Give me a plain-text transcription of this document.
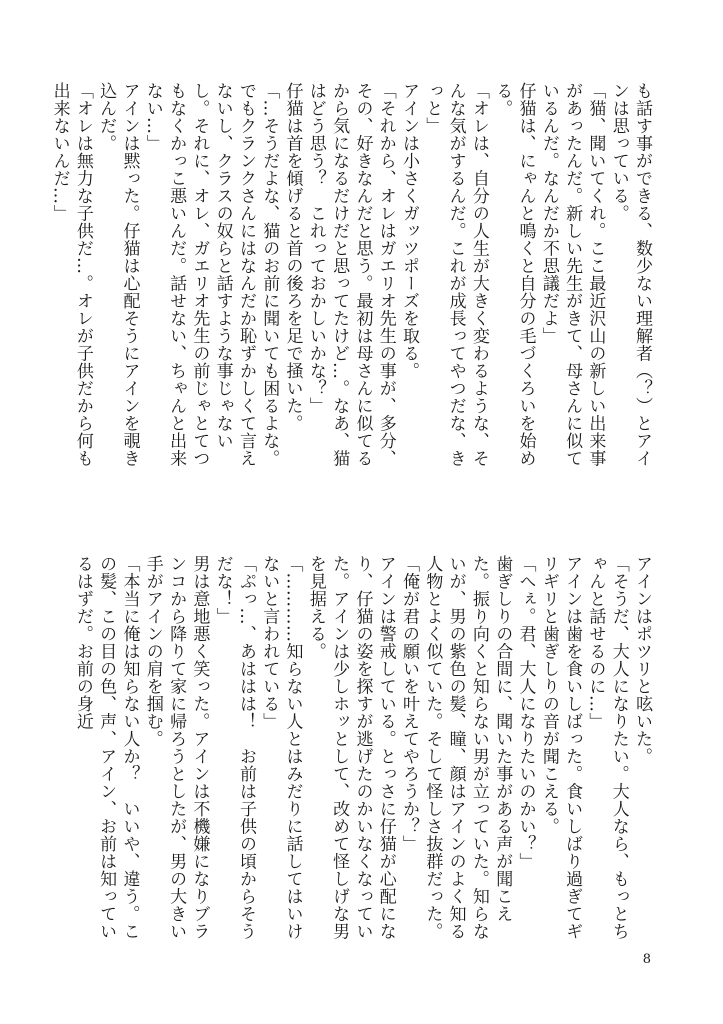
も話す事ができる、数少ない理解者（？）とアインは思っている。

「猫、聞いてくれ。ここ最近沢山の新しい出来事があったんだ。新しい先生がきて、母さんに似ているんだ。なんだか不思議だよ」

仔猫は、にゃんと鳴くと自分の毛づくろいを始める。

「オレは、自分の人生が大きく変わるような、そんな気がするんだ。これが成長ってやつだな、きっと」

アインは小さくガッツポーズを取る。

「それから、オレはガエリオ先生の事が、多分、その、好きなんだと思う。最初は母さんに似てるから気になるだけだと思ってたけど…。なあ、猫はどう思う？　これっておかしいかな？」

仔猫は首を傾げると首の後ろを足で掻いた。

「…そうだよな、猫のお前に聞いても困るよな。でもクランクさんにはなんだか恥ずかしくて言えないし、クラスの奴らと話すような事じゃないし。それに、オレ、ガエリオ先生の前じゃとてつもなくかっこ悪いんだ。話せない、ちゃんと出来ない…」

アインは黙った。仔猫は心配そうにアインを覗き込んだ。

「オレは無力な子供だ…。オレが子供だから何も出来ないんだ…」

アインはポツリと呟いた。

「そうだ、大人になりたい。大人なら、もっとちゃんと話せるのに…」

アインは歯を食いしばった。食いしばり過ぎてギリギリと歯ぎしりの音が聞こえる。

「へぇ。君、大人になりたいのかい？」

歯ぎしりの合間に、聞いた事がある声が聞こえた。振り向くと知らない男が立っていた。知らないが、男の紫色の髪、瞳、顔はアインのよく知る人物とよく似ていた。そして怪しさ抜群だった。

「俺が君の願いを叶えてやろうか？」

アインは警戒している。とっさに仔猫が心配になり、仔猫の姿を探すが逃げたのかいなくなっていた。アインは少しホッとして、改めて怪しげな男を見据える。

「…………知らない人とはみだりに話してはいけないと言われている」

「ぷっ…、あははは！　お前は子供の頃からそうだな！」

男は意地悪く笑った。アインは不機嫌になりブランコから降りて家に帰ろうとしたが、男の大きい手がアインの肩を掴む。

「本当に俺は知らない人か？　いいや、違う。この髪、この目の色、声、アイン、お前は知っているはずだ。お前の身近

8
